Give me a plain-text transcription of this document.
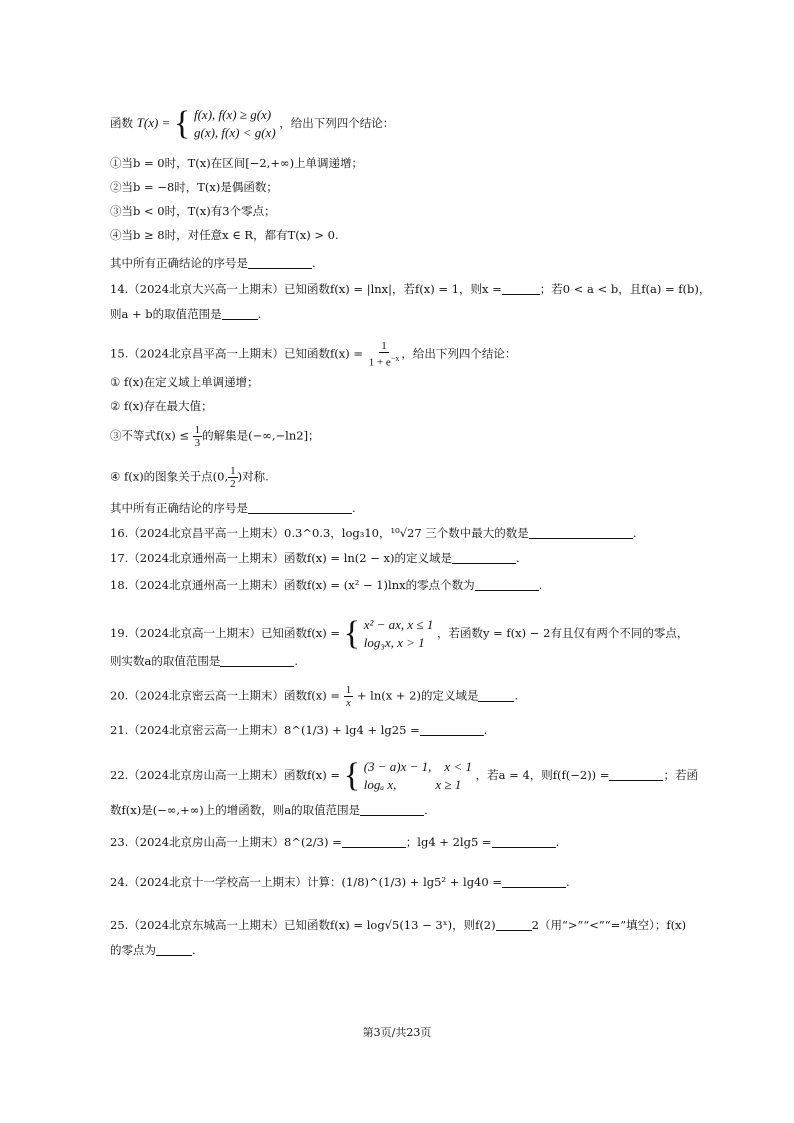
函数 T(x) = { f(x), f(x) ≥ g(x)
g(x), f(x) < g(x) ，给出下列四个结论：
①当b = 0时，T(x)在区间[−2,+∞)上单调递增；
②当b = −8时，T(x)是偶函数；
③当b < 0时，T(x)有3个零点；
④当b ≥ 8时，对任意x ∈ R，都有T(x) > 0.
其中所有正确结论的序号是	.
14.（2024北京大兴高一上期末）已知函数f(x) = |lnx|，若f(x) = 1，则x =	；若0 < a < b，且f(a) = f(b)，
则a + b的取值范围是	.
15.（2024北京昌平高一上期末）已知函数$f(x) = \frac{1}{1 + e^{-x}}$ ，给出下列四个结论：
① f(x)在定义域上单调递增；
② f(x)存在最大值；
③不等式$f(x) \le \frac{1}{3}$ 的解集是(−∞,−ln2]；
④ f(x)的图象关于点(0, $\frac{1}{2}$ )对称.
其中所有正确结论的序号是	.
16.（2024北京昌平高一上期末）0.3^0.3，log₃10，¹⁰√27 三个数中最大的数是	.
17.（2024北京通州高一上期末）函数f(x) = ln(2 − x)的定义域是	.
18.（2024北京通州高一上期末）函数f(x) = (x² − 1)lnx的零点个数为	.
19.（2024北京高一上期末）已知函数f(x) = { x² − ax, x ≤ 1
log₃x, x > 1 ，若函数y = f(x) − 2有且仅有两个不同的零点，
则实数a的取值范围是	.
20.（2024北京密云高一上期末）函数$f(x) = \frac{1}{x} + \ln(x + 2)$的定义域是	.
21.（2024北京密云高一上期末）8^(1/3) + lg4 + lg25 =	.
22.（2024北京房山高一上期末）函数f(x) = { (3 − a)x − 1,　x < 1
logₐ x,　　　x ≥ 1 ，若a = 4，则f(f(−2)) =	；若函
数f(x)是(−∞,+∞)上的增函数，则a的取值范围是	.
23.（2024北京房山高一上期末）8^(2/3) =	；lg4 + 2lg5 =	.
24.（2024北京十一学校高一上期末）计算：(1/8)^(1/3) + lg5² + lg40 =	.
25.（2024北京东城高一上期末）已知函数f(x) = log√5(13 − 3ˣ)，则f(2)	2（用“>”“<”“=”填空）；f(x)
的零点为	.
第3页/共23页
